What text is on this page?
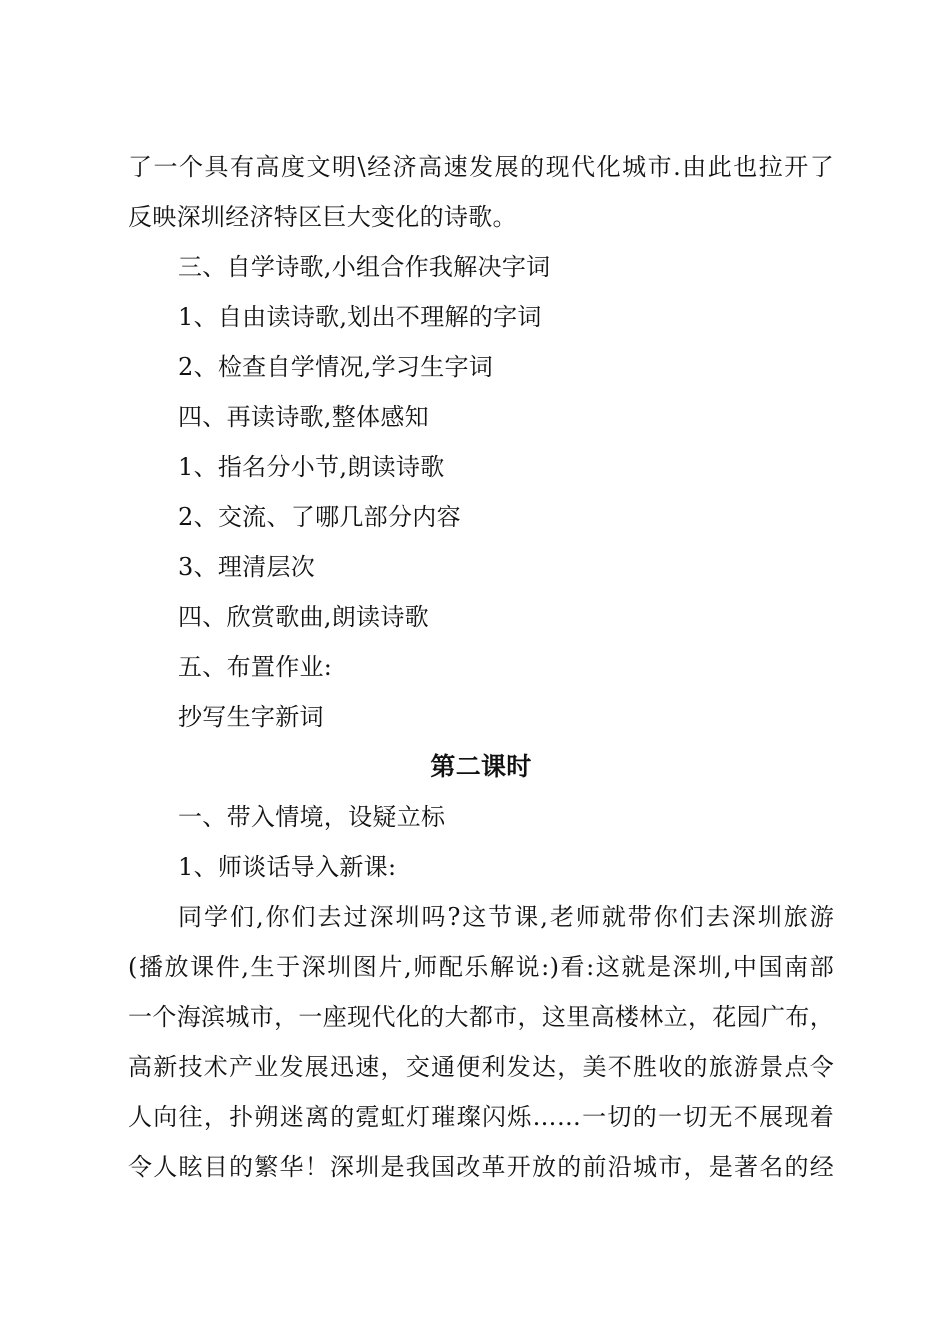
了一个具有高度文明\经济高速发展的现代化城市.由此也拉开了
反映深圳经济特区巨大变化的诗歌。
三、自学诗歌,小组合作我解决字词
1、自由读诗歌,划出不理解的字词
2、检查自学情况,学习生字词
四、再读诗歌,整体感知
1、指名分小节,朗读诗歌
2、交流、了哪几部分内容
3、理清层次
四、欣赏歌曲,朗读诗歌
五、布置作业:
抄写生字新词
第二课时
一、带入情境，设疑立标
1、师谈话导入新课:
同学们,你们去过深圳吗?这节课,老师就带你们去深圳旅游
(播放课件,生于深圳图片,师配乐解说:)看:这就是深圳,中国南部
一个海滨城市，一座现代化的大都市，这里高楼林立，花园广布，
高新技术产业发展迅速，交通便利发达，美不胜收的旅游景点令
人向往，扑朔迷离的霓虹灯璀璨闪烁……一切的一切无不展现着
令人眩目的繁华！深圳是我国改革开放的前沿城市，是著名的经
